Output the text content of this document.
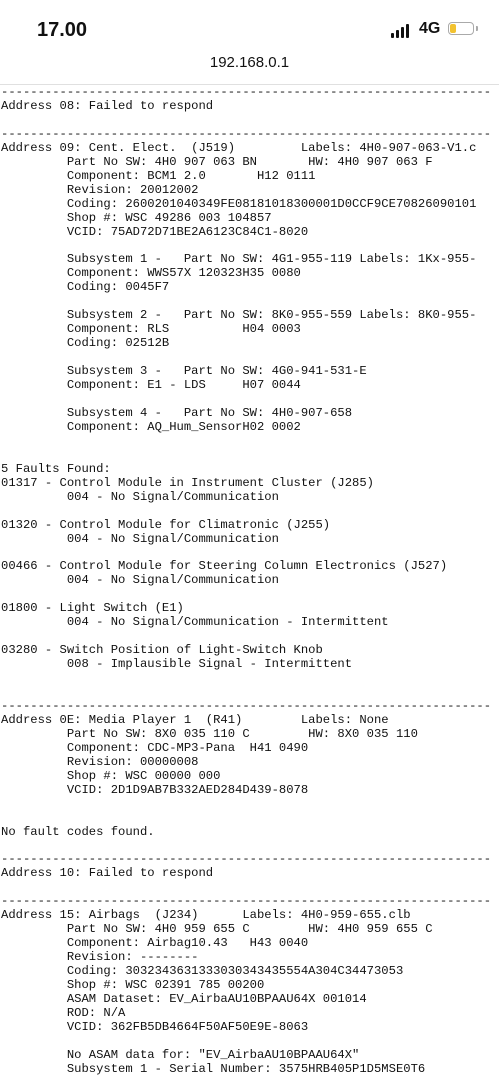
17.00	4G
192.168.0.1
-------------------------------------------------------------------
Address 08: Failed to respond

-------------------------------------------------------------------
Address 09: Cent. Elect.  (J519)         Labels: 4H0-907-063-V1.c
Part No SW: 4H0 907 063 BN       HW: 4H0 907 063 F
Component: BCM1 2.0       H12 0111
Revision: 20012002
Coding: 2600201040349FE08181018300001D0CCF9CE70826090101
Shop #: WSC 49286 003 104857
VCID: 75AD72D71BE2A6123C84C1-8020

Subsystem 1 -   Part No SW: 4G1-955-119 Labels: 1Kx-955-
Component: WWS57X 120323H35 0080
Coding: 0045F7

Subsystem 2 -   Part No SW: 8K0-955-559 Labels: 8K0-955-
Component: RLS          H04 0003
Coding: 02512B

Subsystem 3 -   Part No SW: 4G0-941-531-E
Component: E1 - LDS     H07 0044

Subsystem 4 -   Part No SW: 4H0-907-658
Component: AQ_Hum_SensorH02 0002

5 Faults Found:
01317 - Control Module in Instrument Cluster (J285)
004 - No Signal/Communication

01320 - Control Module for Climatronic (J255)
004 - No Signal/Communication

00466 - Control Module for Steering Column Electronics (J527)
004 - No Signal/Communication

01800 - Light Switch (E1)
004 - No Signal/Communication - Intermittent

03280 - Switch Position of Light-Switch Knob
008 - Implausible Signal - Intermittent

-------------------------------------------------------------------
Address 0E: Media Player 1  (R41)        Labels: None
Part No SW: 8X0 035 110 C        HW: 8X0 035 110
Component: CDC-MP3-Pana  H41 0490
Revision: 00000008
Shop #: WSC 00000 000
VCID: 2D1D9AB7B332AED284D439-8078

No fault codes found.

-------------------------------------------------------------------
Address 10: Failed to respond

-------------------------------------------------------------------
Address 15: Airbags  (J234)      Labels: 4H0-959-655.clb
Part No SW: 4H0 959 655 C        HW: 4H0 959 655 C
Component: Airbag10.43   H43 0040
Revision: --------
Coding: 3032343631333030343435554A304C34473053
Shop #: WSC 02391 785 00200
ASAM Dataset: EV_AirbaAU10BPAAU64X 001014
ROD: N/A
VCID: 362FB5DB4664F50AF50E9E-8063

No ASAM data for: "EV_AirbaAU10BPAAU64X"
Subsystem 1 - Serial Number: 3575HRB405P1D5MSE0T6
